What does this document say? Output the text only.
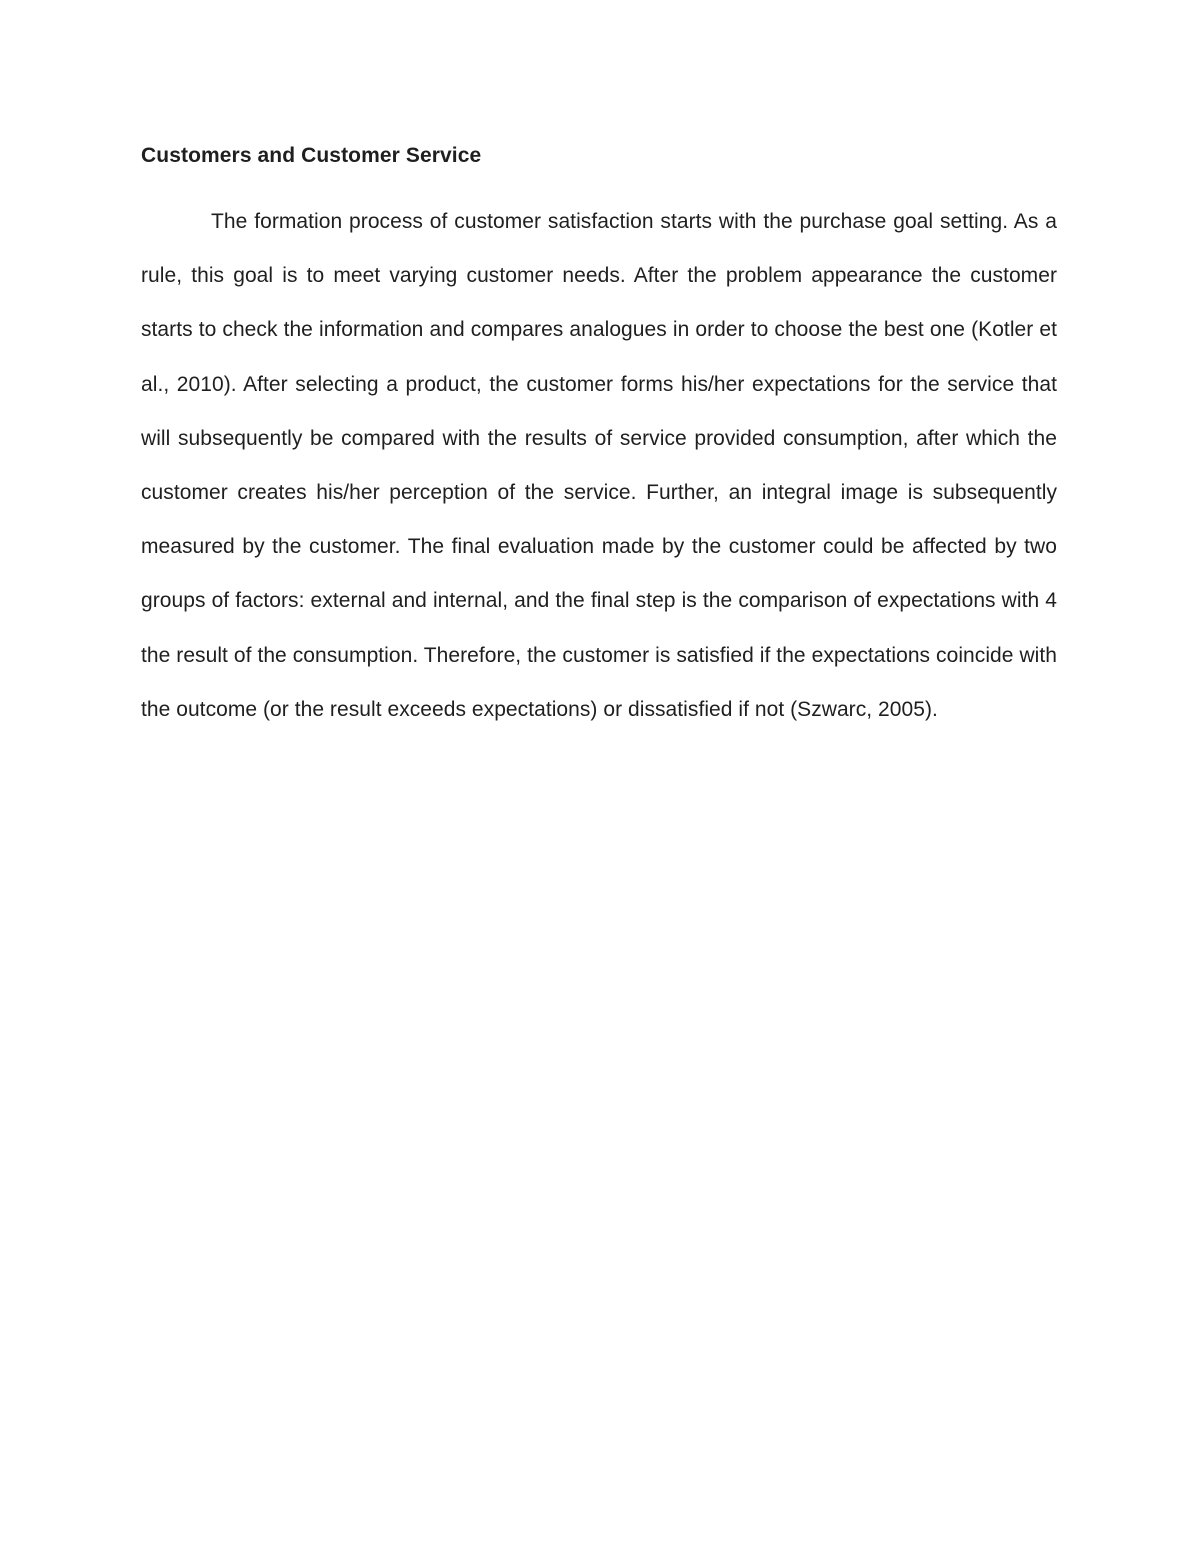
Customers and Customer Service

The formation process of customer satisfaction starts with the purchase goal setting. As a rule, this goal is to meet varying customer needs. After the problem appearance the customer starts to check the information and compares analogues in order to choose the best one (Kotler et al., 2010). After selecting a product, the customer forms his/her expectations for the service that will subsequently be compared with the results of service provided consumption, after which the customer creates his/her perception of the service. Further, an integral image is subsequently measured by the customer. The final evaluation made by the customer could be affected by two groups of factors: external and internal, and the final step is the comparison of expectations with 4 the result of the consumption. Therefore, the customer is satisfied if the expectations coincide with the outcome (or the result exceeds expectations) or dissatisfied if not (Szwarc, 2005).
